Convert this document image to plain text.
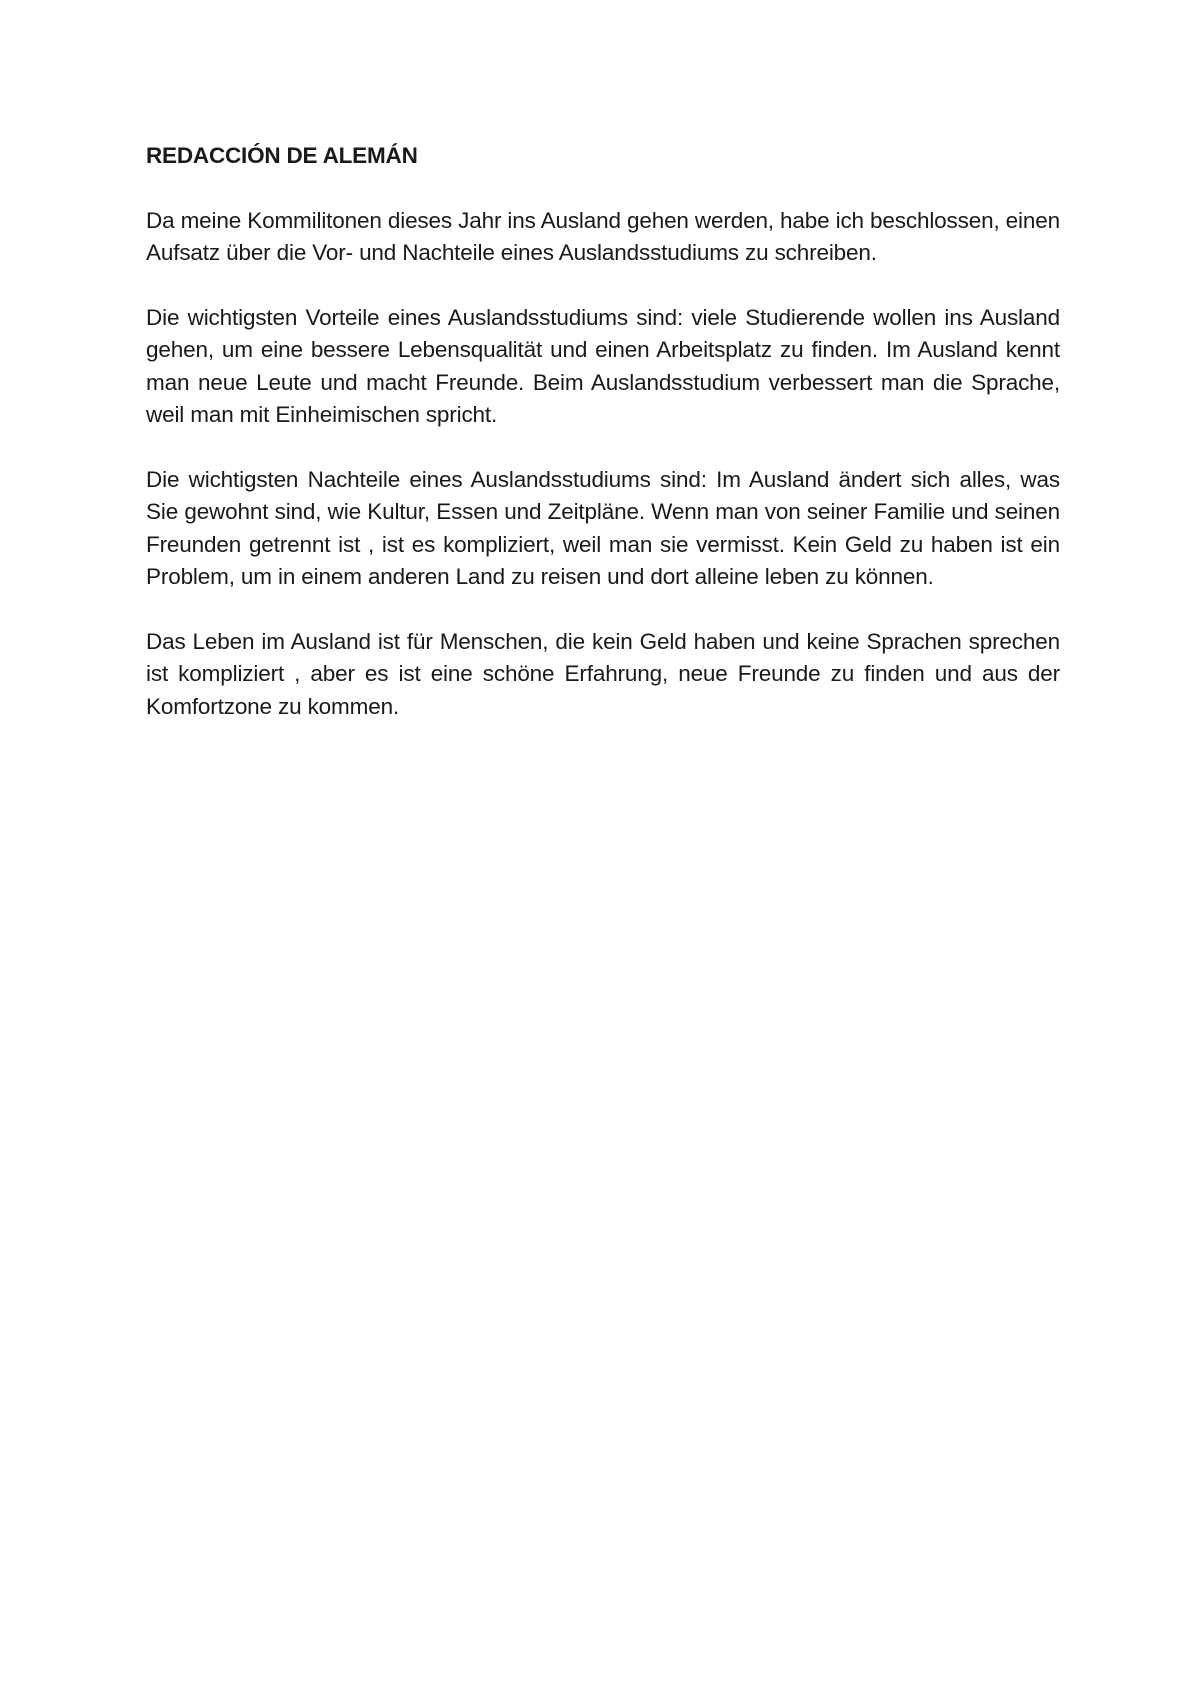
REDACCIÓN DE ALEMÁN

Da meine Kommilitonen dieses Jahr ins Ausland gehen werden, habe ich beschlossen, einen Aufsatz über die Vor- und Nachteile eines Auslandsstudiums zu schreiben.

Die wichtigsten Vorteile eines Auslandsstudiums sind: viele Studierende wollen ins Ausland gehen, um eine bessere Lebensqualität und einen Arbeitsplatz zu finden. Im Ausland kennt man neue Leute und macht Freunde. Beim Auslandsstudium verbessert man die Sprache, weil man mit Einheimischen spricht.

Die wichtigsten Nachteile eines Auslandsstudiums sind: Im Ausland ändert sich alles, was Sie gewohnt sind, wie Kultur, Essen und Zeitpläne. Wenn man von seiner Familie und seinen Freunden getrennt ist , ist es kompliziert, weil man sie vermisst. Kein Geld zu haben ist ein Problem, um in einem anderen Land zu reisen und dort alleine leben zu können.

Das Leben im Ausland ist für Menschen, die kein Geld haben und keine Sprachen sprechen ist kompliziert , aber es ist eine schöne Erfahrung, neue Freunde zu finden und aus der Komfortzone zu kommen.
